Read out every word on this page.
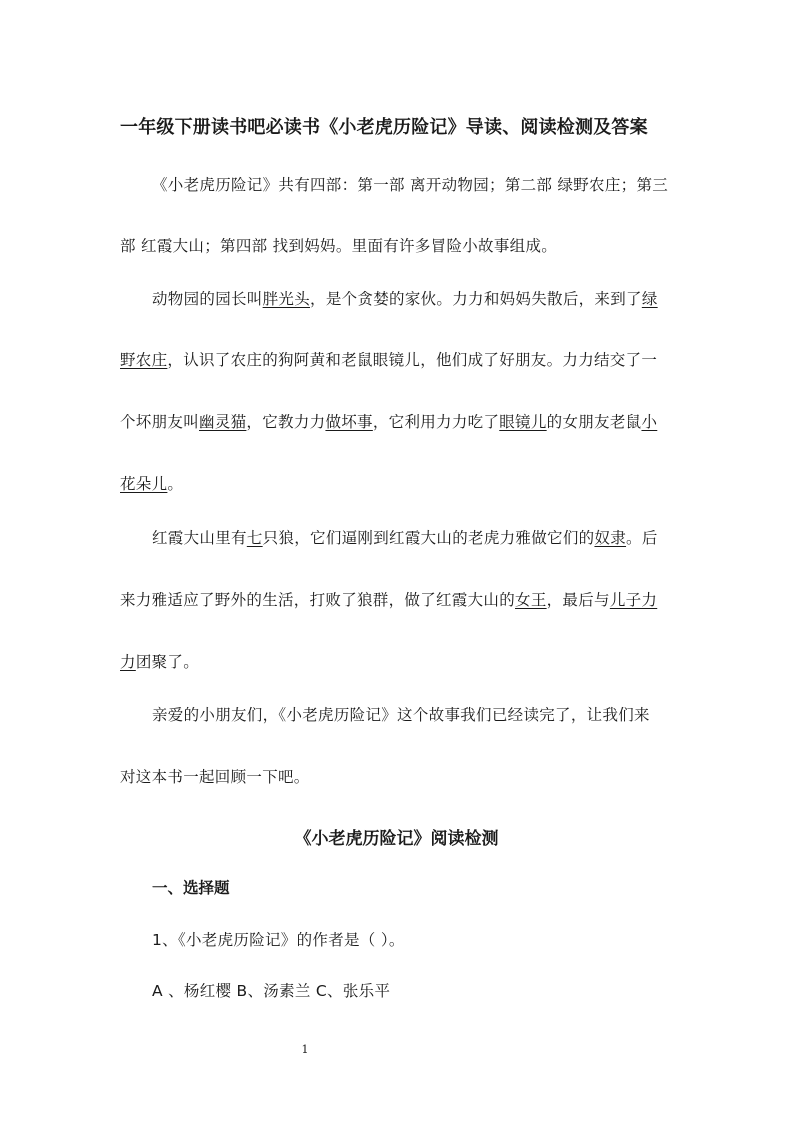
一年级下册读书吧必读书《小老虎历险记》导读、阅读检测及答案
《小老虎历险记》共有四部：第一部 离开动物园；第二部 绿野农庄；第三
部 红霞大山；第四部 找到妈妈。里面有许多冒险小故事组成。
动物园的园长叫胖光头，是个贪婪的家伙。力力和妈妈失散后，来到了绿
野农庄，认识了农庄的狗阿黄和老鼠眼镜儿，他们成了好朋友。力力结交了一
个坏朋友叫幽灵猫，它教力力做坏事，它利用力力吃了眼镜儿的女朋友老鼠小
花朵儿。
红霞大山里有七只狼，它们逼刚到红霞大山的老虎力雅做它们的奴隶。后
来力雅适应了野外的生活，打败了狼群，做了红霞大山的女王，最后与儿子力
力团聚了。
亲爱的小朋友们，《小老虎历险记》这个故事我们已经读完了，让我们来
对这本书一起回顾一下吧。
《小老虎历险记》阅读检测
一、选择题
1、《小老虎历险记》的作者是（ ）。
A 、杨红樱 B、汤素兰 C、张乐平
1
